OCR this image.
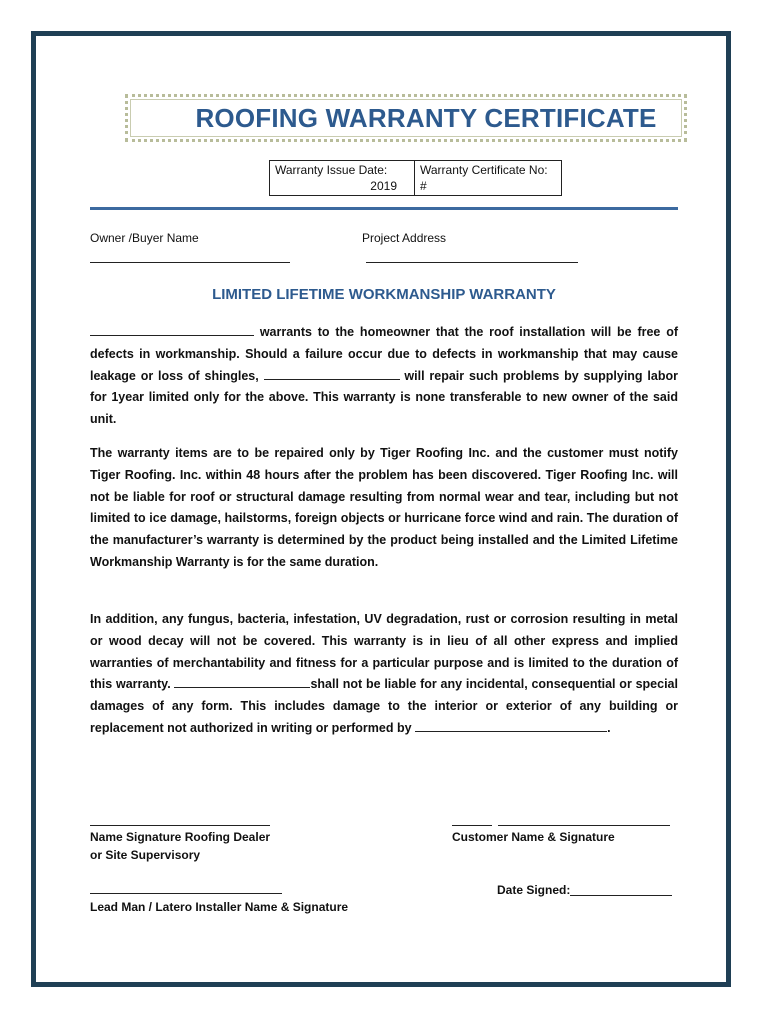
ROOFING WARRANTY CERTIFICATE
Warranty Issue Date:
2019

Warranty Certificate No:
#
Owner /Buyer Name	Project Address
LIMITED LIFETIME WORKMANSHIP WARRANTY

warrants to the homeowner that the roof installation will be free of defects in workmanship. Should a failure occur due to defects in workmanship that may cause leakage or loss of shingles,	will repair such problems by supplying labor for 1year limited only for the above. This warranty is none transferable to new owner of the said unit.

The warranty items are to be repaired only by Tiger Roofing Inc. and the customer must notify Tiger Roofing. Inc. within 48 hours after the problem has been discovered. Tiger Roofing Inc. will not be liable for roof or structural damage resulting from normal wear and tear, including but not limited to ice damage, hailstorms, foreign objects or hurricane force wind and rain. The duration of the manufacturer’s warranty is determined by the product being installed and the Limited Lifetime Workmanship Warranty is for the same duration.

In addition, any fungus, bacteria, infestation, UV degradation, rust or corrosion resulting in metal or wood decay will not be covered. This warranty is in lieu of all other express and implied warranties of merchantability and fitness for a particular purpose and is limited to the duration of this warranty.	shall not be liable for any incidental, consequential or special damages of any form. This includes damage to the interior or exterior of any building or replacement not authorized in writing or performed by	.

Name Signature Roofing Dealer
or Site Supervisory
Customer Name & Signature
Lead Man / Latero Installer Name & Signature
Date Signed:
